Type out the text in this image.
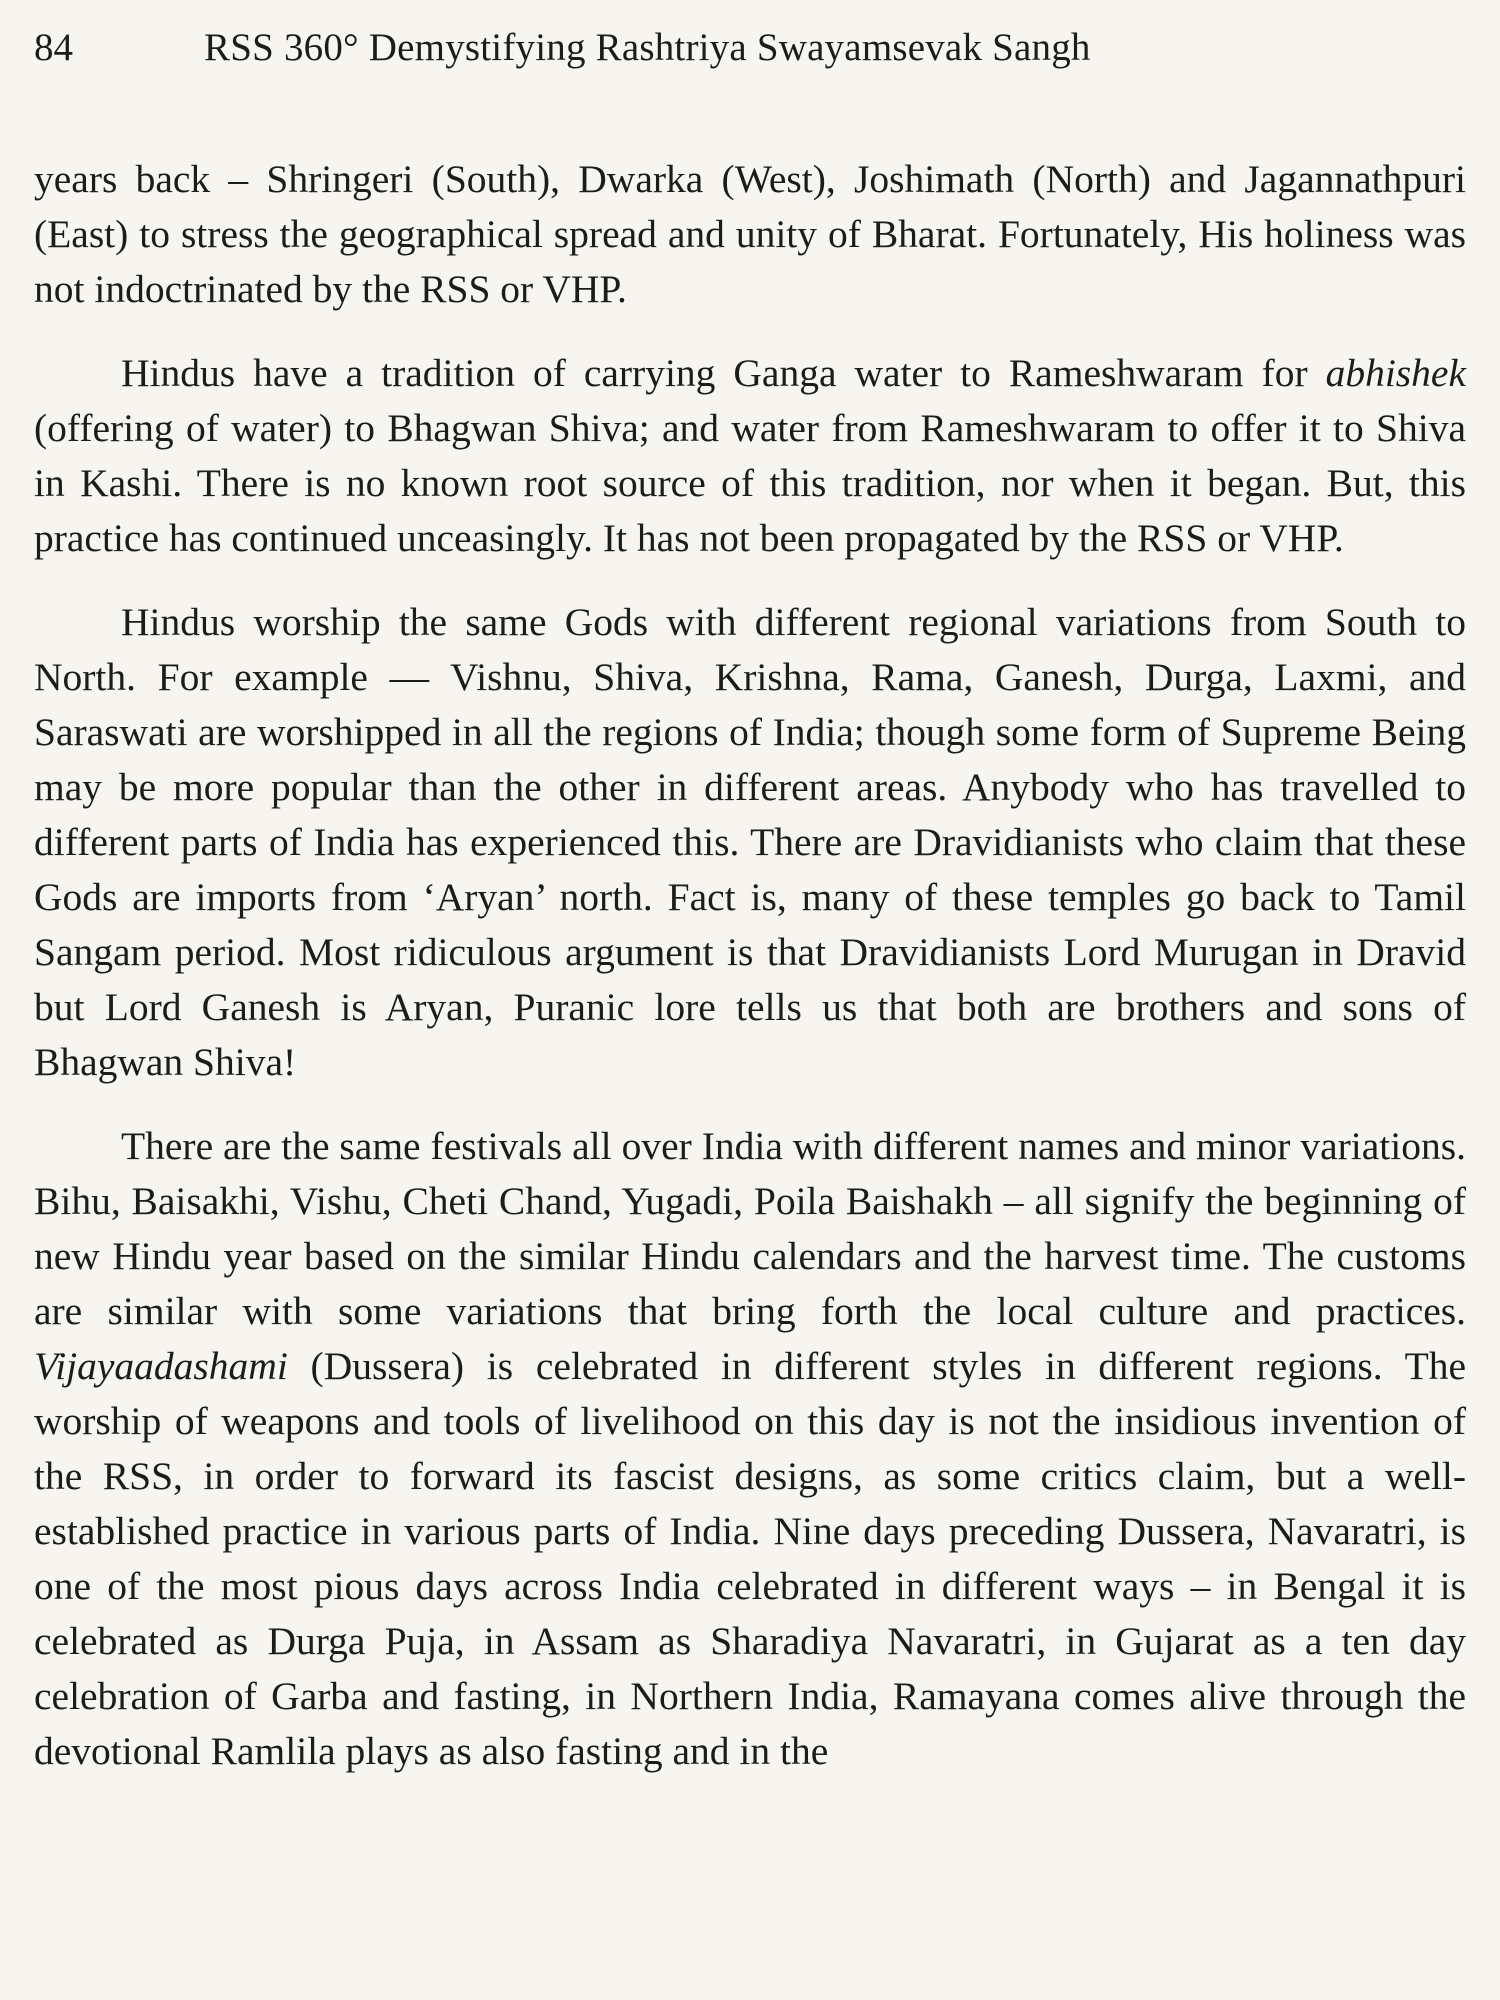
84	RSS 360° Demystifying Rashtriya Swayamsevak Sangh

years back – Shringeri (South), Dwarka (West), Joshimath (North) and Jagannathpuri (East) to stress the geographical spread and unity of Bharat. Fortunately, His holiness was not indoctrinated by the RSS or VHP.

Hindus have a tradition of carrying Ganga water to Rameshwaram for abhishek (offering of water) to Bhagwan Shiva; and water from Rameshwaram to offer it to Shiva in Kashi. There is no known root source of this tradition, nor when it began. But, this practice has continued unceasingly. It has not been propagated by the RSS or VHP.

Hindus worship the same Gods with different regional variations from South to North. For example — Vishnu, Shiva, Krishna, Rama, Ganesh, Durga, Laxmi, and Saraswati are worshipped in all the regions of India; though some form of Supreme Being may be more popular than the other in different areas. Anybody who has travelled to different parts of India has experienced this. There are Dravidianists who claim that these Gods are imports from ‘Aryan’ north. Fact is, many of these temples go back to Tamil Sangam period. Most ridiculous argument is that Dravidianists Lord Murugan in Dravid but Lord Ganesh is Aryan, Puranic lore tells us that both are brothers and sons of Bhagwan Shiva!

There are the same festivals all over India with different names and minor variations. Bihu, Baisakhi, Vishu, Cheti Chand, Yugadi, Poila Baishakh – all signify the beginning of new Hindu year based on the similar Hindu calendars and the harvest time. The customs are similar with some variations that bring forth the local culture and practices. Vijayaadashami (Dussera) is celebrated in different styles in different regions. The worship of weapons and tools of livelihood on this day is not the insidious invention of the RSS, in order to forward its fascist designs, as some critics claim, but a well-established practice in various parts of India. Nine days preceding Dussera, Navaratri, is one of the most pious days across India celebrated in different ways – in Bengal it is celebrated as Durga Puja, in Assam as Sharadiya Navaratri, in Gujarat as a ten day celebration of Garba and fasting, in Northern India, Ramayana comes alive through the devotional Ramlila plays as also fasting and in the
